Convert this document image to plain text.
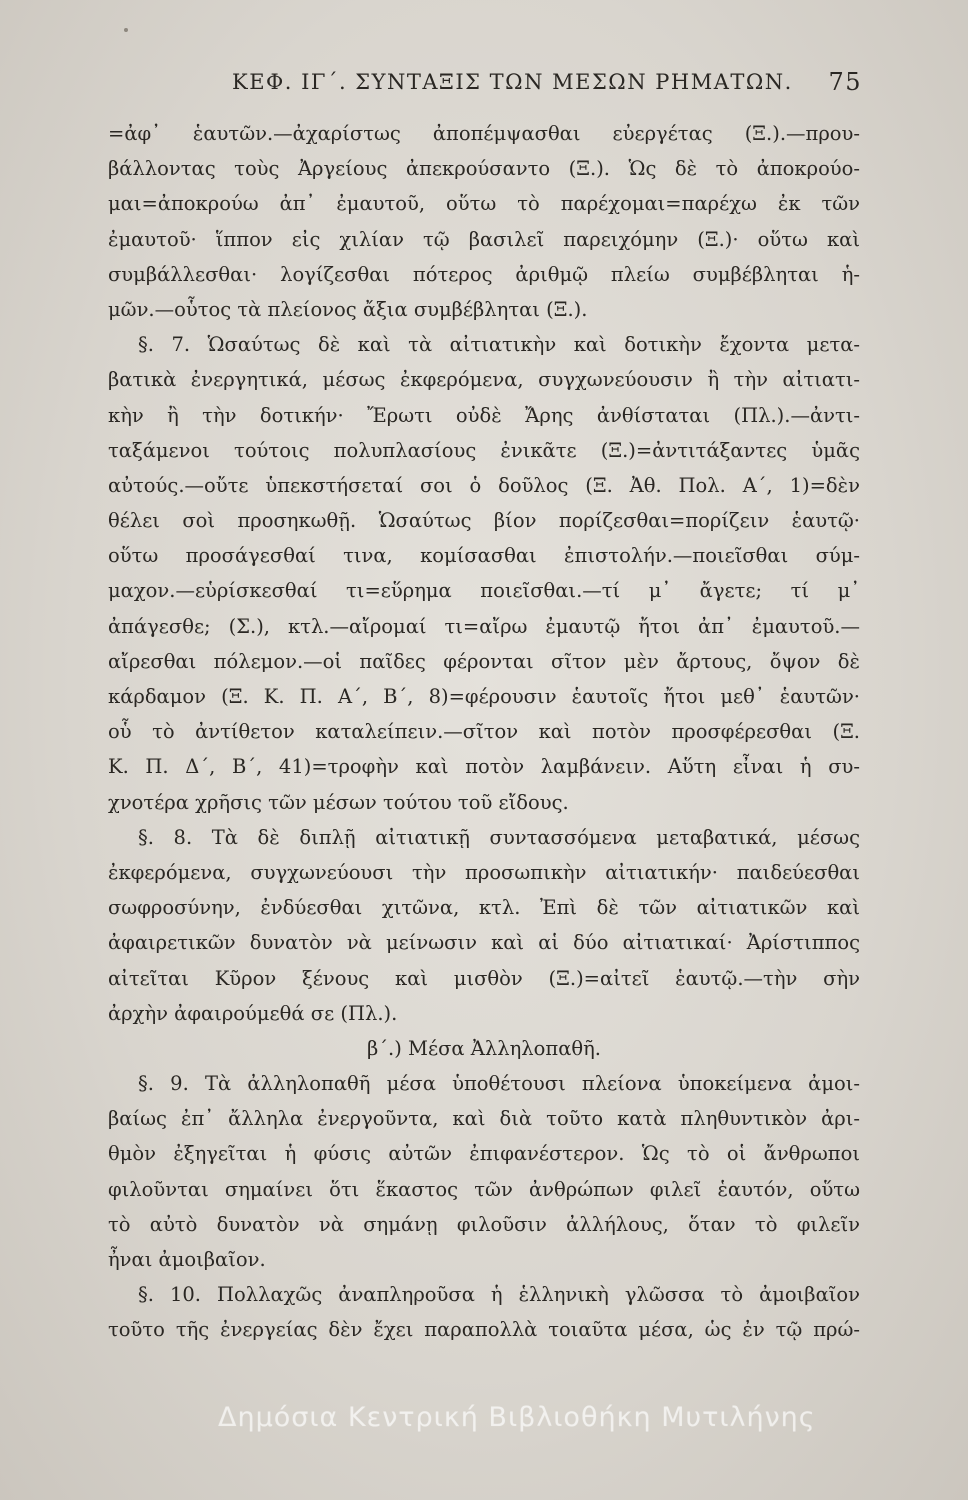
ΚΕΦ. ΙΓ΄. ΣΥΝΤΑΞΙΣ ΤΩΝ ΜΕΣΩΝ ΡΗΜΑΤΩΝ. 75
=ἀφ᾽ ἑαυτῶν.—ἀχαρίστως ἀποπέμψασθαι εὐεργέτας (Ξ.).—πρου-
βάλλοντας τοὺς Ἀργείους ἀπεκρούσαντο (Ξ.). Ὡς δὲ τὸ ἀποκρούο-
μαι=ἀποκρούω ἀπ᾽ ἐμαυτοῦ, οὕτω τὸ παρέχομαι=παρέχω ἐκ τῶν
ἐμαυτοῦ· ἵππον εἰς χιλίαν τῷ βασιλεῖ παρειχόμην (Ξ.)· οὕτω καὶ
συμβάλλεσθαι· λογίζεσθαι πότερος ἀριθμῷ πλείω συμβέβληται ἡ-
μῶν.—οὗτος τὰ πλείονος ἄξια συμβέβληται (Ξ.).
§. 7. Ὡσαύτως δὲ καὶ τὰ αἰτιατικὴν καὶ δοτικὴν ἔχοντα μετα-
βατικὰ ἐνεργητικά, μέσως ἐκφερόμενα, συγχωνεύουσιν ἢ τὴν αἰτιατι-
κὴν ἢ τὴν δοτικήν· Ἔρωτι οὐδὲ Ἄρης ἀνθίσταται (Πλ.).—ἀντι-
ταξάμενοι τούτοις πολυπλασίους ἐνικᾶτε (Ξ.)=ἀντιτάξαντες ὑμᾶς
αὐτούς.—οὔτε ὑπεκστήσεταί σοι ὁ δοῦλος (Ξ. Ἀθ. Πολ. Α΄, 1)=δὲν
θέλει σοὶ προσηκωθῇ. Ὡσαύτως βίον πορίζεσθαι=πορίζειν ἑαυτῷ·
οὕτω προσάγεσθαί τινα, κομίσασθαι ἐπιστολήν.—ποιεῖσθαι σύμ-
μαχον.—εὑρίσκεσθαί τι=εὕρημα ποιεῖσθαι.—τί μ᾽ ἄγετε; τί μ᾽
ἀπάγεσθε; (Σ.), κτλ.—αἴρομαί τι=αἴρω ἐμαυτῷ ἤτοι ἀπ᾽ ἐμαυτοῦ.—
αἴρεσθαι πόλεμον.—οἱ παῖδες φέρονται σῖτον μὲν ἄρτους, ὄψον δὲ
κάρδαμον (Ξ. Κ. Π. Α΄, Β΄, 8)=φέρουσιν ἑαυτοῖς ἤτοι μεθ᾽ ἑαυτῶν·
οὗ τὸ ἀντίθετον καταλείπειν.—σῖτον καὶ ποτὸν προσφέρεσθαι (Ξ.
Κ. Π. Δ΄, Β΄, 41)=τροφὴν καὶ ποτὸν λαμβάνειν. Αὕτη εἶναι ἡ συ-
χνοτέρα χρῆσις τῶν μέσων τούτου τοῦ εἴδους.
§. 8. Τὰ δὲ διπλῇ αἰτιατικῇ συντασσόμενα μεταβατικά, μέσως
ἐκφερόμενα, συγχωνεύουσι τὴν προσωπικὴν αἰτιατικήν· παιδεύεσθαι
σωφροσύνην, ἐνδύεσθαι χιτῶνα, κτλ. Ἐπὶ δὲ τῶν αἰτιατικῶν καὶ
ἀφαιρετικῶν δυνατὸν νὰ μείνωσιν καὶ αἱ δύο αἰτιατικαί· Ἀρίστιππος
αἰτεῖται Κῦρον ξένους καὶ μισθὸν (Ξ.)=αἰτεῖ ἑαυτῷ.—τὴν σὴν
ἀρχὴν ἀφαιρούμεθά σε (Πλ.).
β΄.) Μέσα Ἀλληλοπαθῆ.
§. 9. Τὰ ἀλληλοπαθῆ μέσα ὑποθέτουσι πλείονα ὑποκείμενα ἀμοι-
βαίως ἐπ᾽ ἄλληλα ἐνεργοῦντα, καὶ διὰ τοῦτο κατὰ πληθυντικὸν ἀρι-
θμὸν ἐξηγεῖται ἡ φύσις αὐτῶν ἐπιφανέστερον. Ὡς τὸ οἱ ἄνθρωποι
φιλοῦνται σημαίνει ὅτι ἕκαστος τῶν ἀνθρώπων φιλεῖ ἑαυτόν, οὕτω
τὸ αὐτὸ δυνατὸν νὰ σημάνῃ φιλοῦσιν ἀλλήλους, ὅταν τὸ φιλεῖν
ἦναι ἀμοιβαῖον.
§. 10. Πολλαχῶς ἀναπληροῦσα ἡ ἑλληνικὴ γλῶσσα τὸ ἀμοιβαῖον
τοῦτο τῆς ἐνεργείας δὲν ἔχει παραπολλὰ τοιαῦτα μέσα, ὡς ἐν τῷ πρώ-
Δημόσια Κεντρική Βιβλιοθήκη Μυτιλήνης
